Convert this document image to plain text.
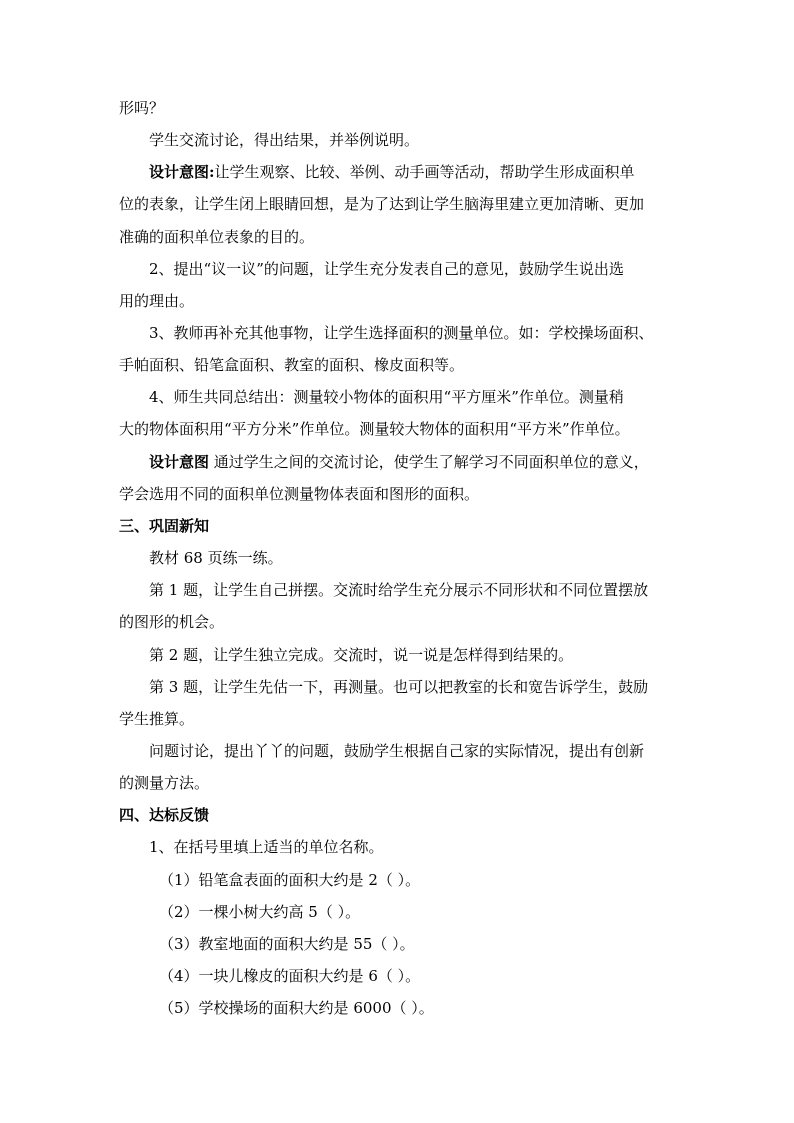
形吗？
学生交流讨论，得出结果，并举例说明。
设计意图:让学生观察、比较、举例、动手画等活动，帮助学生形成面积单
位的表象，让学生闭上眼睛回想，是为了达到让学生脑海里建立更加清晰、更加
准确的面积单位表象的目的。
2、提出“议一议”的问题，让学生充分发表自己的意见，鼓励学生说出选
用的理由。
3、教师再补充其他事物，让学生选择面积的测量单位。如：学校操场面积、
手帕面积、铅笔盒面积、教室的面积、橡皮面积等。
4、师生共同总结出：测量较小物体的面积用“平方厘米”作单位。测量稍
大的物体面积用“平方分米”作单位。测量较大物体的面积用“平方米”作单位。
设计意图 通过学生之间的交流讨论，使学生了解学习不同面积单位的意义，
学会选用不同的面积单位测量物体表面和图形的面积。
三、巩固新知
教材 68 页练一练。
第 1 题，让学生自己拼摆。交流时给学生充分展示不同形状和不同位置摆放
的图形的机会。
第 2 题，让学生独立完成。交流时，说一说是怎样得到结果的。
第 3 题，让学生先估一下，再测量。也可以把教室的长和宽告诉学生，鼓励
学生推算。
问题讨论，提出丫丫的问题，鼓励学生根据自己家的实际情况，提出有创新
的测量方法。
四、达标反馈
1、在括号里填上适当的单位名称。
（1）铅笔盒表面的面积大约是 2（ ）。
（2）一棵小树大约高 5（ ）。
（3）教室地面的面积大约是 55（ ）。
（4）一块儿橡皮的面积大约是 6（ ）。
（5）学校操场的面积大约是 6000（ ）。
